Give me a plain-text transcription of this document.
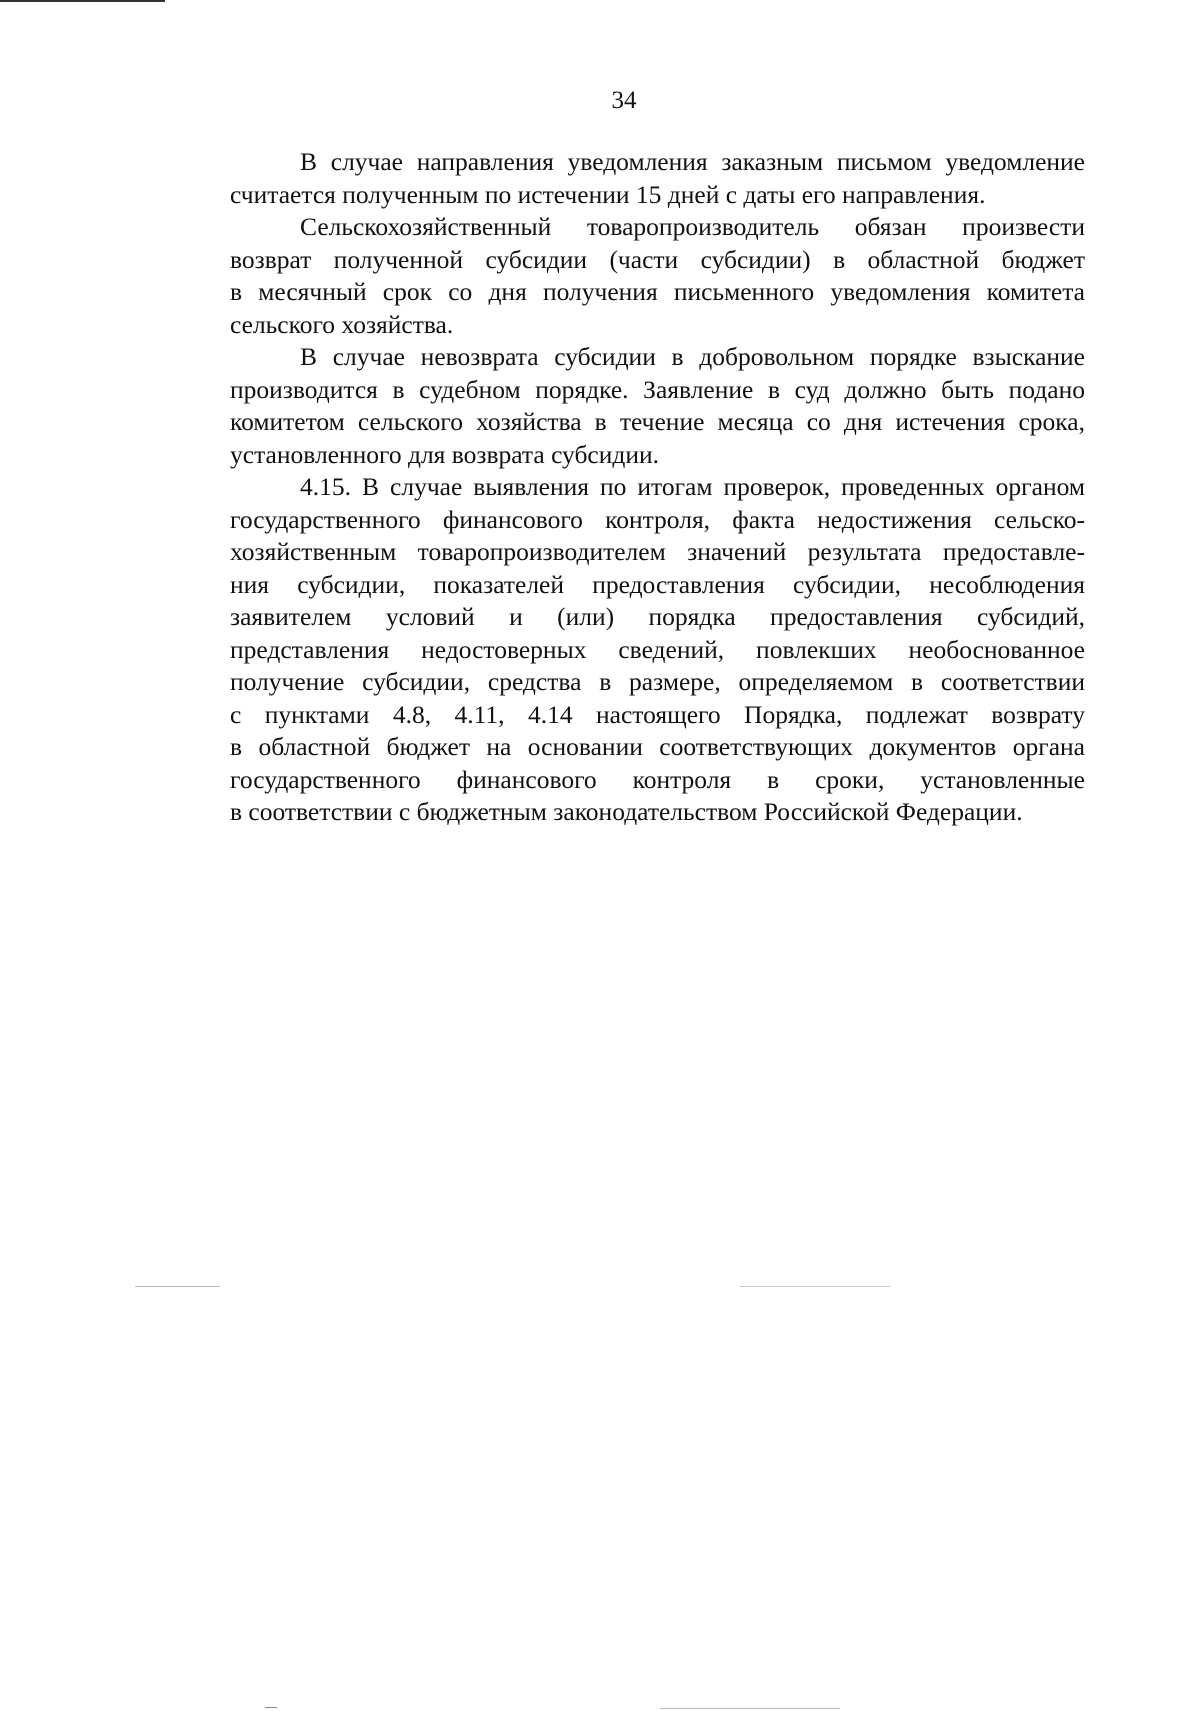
34
В случае направления уведомления заказным письмом уведомление
считается полученным по истечении 15 дней с даты его направления.
Сельскохозяйственный товаропроизводитель обязан произвести
возврат полученной субсидии (части субсидии) в областной бюджет
в месячный срок со дня получения письменного уведомления комитета
сельского хозяйства.
В случае невозврата субсидии в добровольном порядке взыскание
производится в судебном порядке. Заявление в суд должно быть подано
комитетом сельского хозяйства в течение месяца со дня истечения срока,
установленного для возврата субсидии.
4.15. В случае выявления по итогам проверок, проведенных органом
государственного финансового контроля, факта недостижения сельско-
хозяйственным товаропроизводителем значений результата предоставле-
ния субсидии, показателей предоставления субсидии, несоблюдения
заявителем условий и (или) порядка предоставления субсидий,
представления недостоверных сведений, повлекших необоснованное
получение субсидии, средства в размере, определяемом в соответствии
с пунктами 4.8, 4.11, 4.14 настоящего Порядка, подлежат возврату
в областной бюджет на основании соответствующих документов органа
государственного финансового контроля в сроки, установленные
в соответствии с бюджетным законодательством Российской Федерации.
